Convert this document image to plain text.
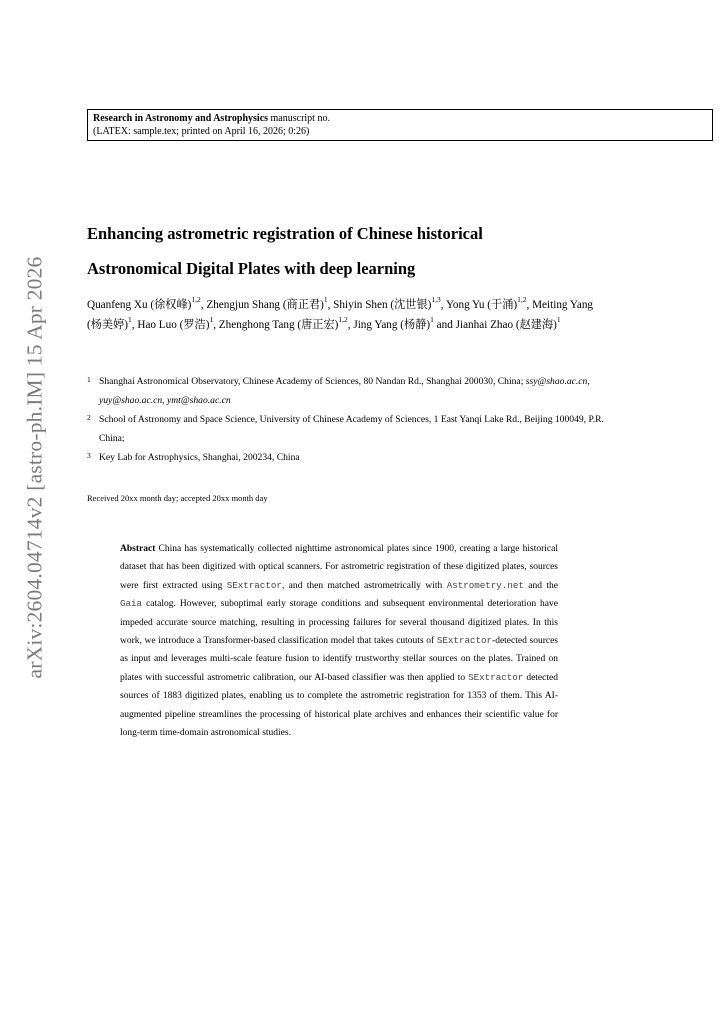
arXiv:2604.04714v2 [astro-ph.IM] 15 Apr 2026
Research in Astronomy and Astrophysics manuscript no.
(LATEX: sample.tex; printed on April 16, 2026; 0:26)
Enhancing astrometric registration of Chinese historical
Astronomical Digital Plates with deep learning
Quanfeng Xu (徐权峰)$^{1,2}$, Zhengjun Shang (商正君)$^1$, Shiyin Shen (沈世银)$^{1,3}$, Yong Yu (于涌)$^{1,2}$, Meiting Yang (杨美婷)$^1$, Hao Luo (罗浩)$^1$, Zhenghong Tang (唐正宏)$^{1,2}$, Jing Yang (杨静)$^1$ and Jianhai Zhao (赵建海)$^1$
1 Shanghai Astronomical Observatory, Chinese Academy of Sciences, 80 Nandan Rd., Shanghai 200030, China; ssy@shao.ac.cn, yuy@shao.ac.cn, ymt@shao.ac.cn
2 School of Astronomy and Space Science, University of Chinese Academy of Sciences, 1 East Yanqi Lake Rd., Beijing 100049, P.R. China;
3 Key Lab for Astrophysics, Shanghai, 200234, China
Received 20xx month day; accepted 20xx month day
Abstract China has systematically collected nighttime astronomical plates since 1900, creating a large historical dataset that has been digitized with optical scanners. For astrometric registration of these digitized plates, sources were first extracted using SExtractor, and then matched astrometrically with Astrometry.net and the Gaia catalog. However, suboptimal early storage conditions and subsequent environmental deterioration have impeded accurate source matching, resulting in processing failures for several thousand digitized plates. In this work, we introduce a Transformer-based classification model that takes cutouts of SExtractor-detected sources as input and leverages multi-scale feature fusion to identify trustworthy stellar sources on the plates. Trained on plates with successful astrometric calibration, our AI-based classifier was then applied to SExtractor detected sources of 1883 digitized plates, enabling us to complete the astrometric registration for 1353 of them. This AI-augmented pipeline streamlines the processing of historical plate archives and enhances their scientific value for long-term time-domain astronomical studies.
